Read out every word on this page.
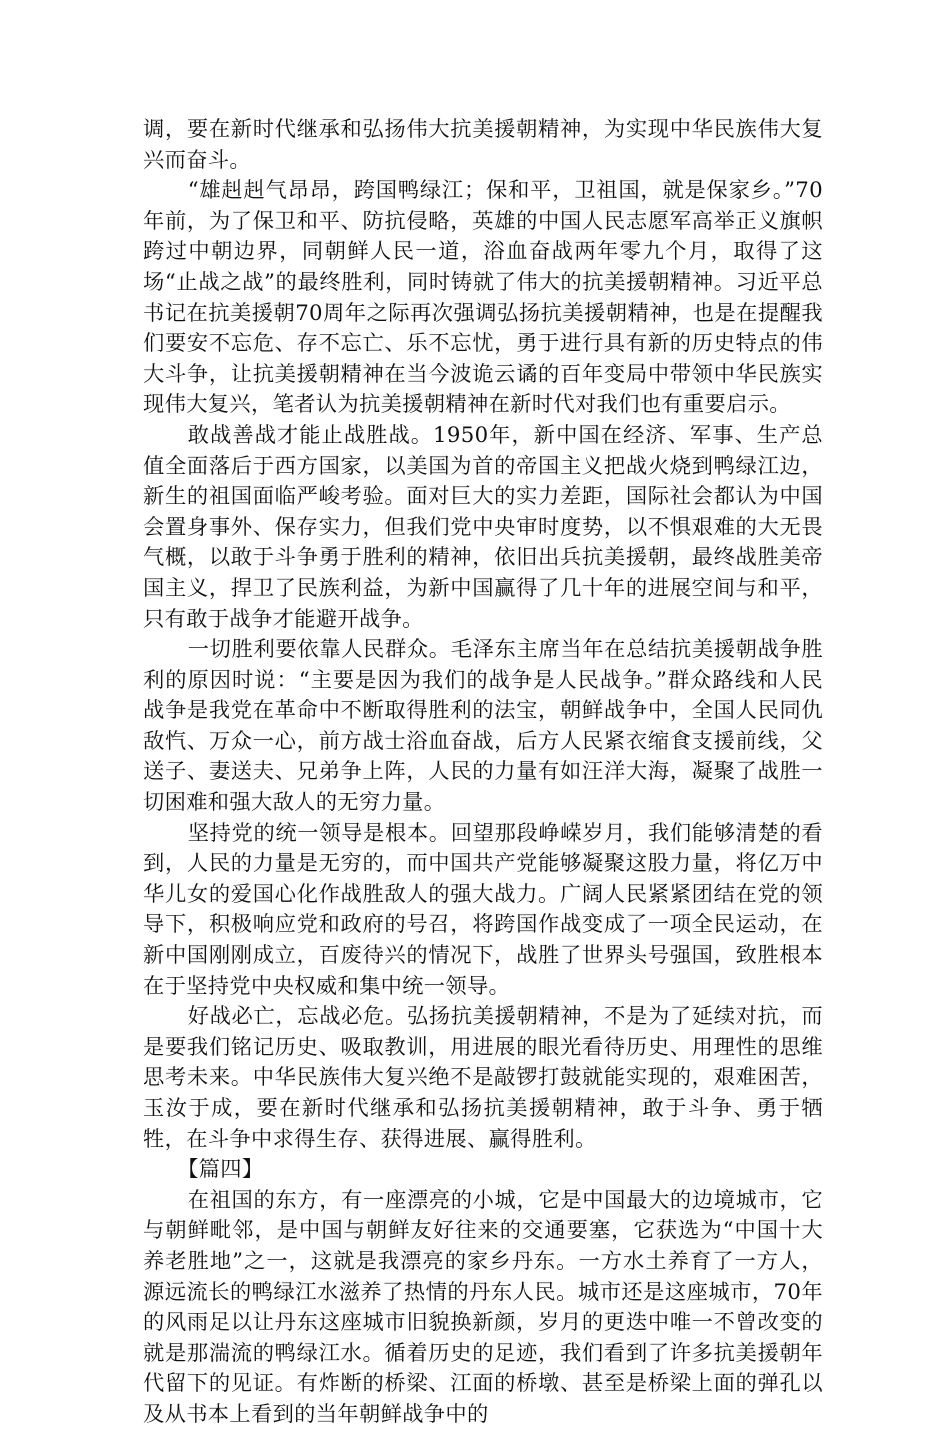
调，要在新时代继承和弘扬伟大抗美援朝精神，为实现中华民族伟大复兴而奋斗。

“雄赳赳气昂昂，跨国鸭绿江；保和平，卫祖国，就是保家乡。”70年前，为了保卫和平、防抗侵略，英雄的中国人民志愿军高举正义旗帜跨过中朝边界，同朝鲜人民一道，浴血奋战两年零九个月，取得了这场“止战之战”的最终胜利，同时铸就了伟大的抗美援朝精神。习近平总书记在抗美援朝70周年之际再次强调弘扬抗美援朝精神，也是在提醒我们要安不忘危、存不忘亡、乐不忘忧，勇于进行具有新的历史特点的伟大斗争，让抗美援朝精神在当今波诡云谲的百年变局中带领中华民族实现伟大复兴，笔者认为抗美援朝精神在新时代对我们也有重要启示。

敢战善战才能止战胜战。1950年，新中国在经济、军事、生产总值全面落后于西方国家，以美国为首的帝国主义把战火烧到鸭绿江边，新生的祖国面临严峻考验。面对巨大的实力差距，国际社会都认为中国会置身事外、保存实力，但我们党中央审时度势，以不惧艰难的大无畏气概，以敢于斗争勇于胜利的精神，依旧出兵抗美援朝，最终战胜美帝国主义，捍卫了民族利益，为新中国赢得了几十年的进展空间与和平，只有敢于战争才能避开战争。

一切胜利要依靠人民群众。毛泽东主席当年在总结抗美援朝战争胜利的原因时说：“主要是因为我们的战争是人民战争。”群众路线和人民战争是我党在革命中不断取得胜利的法宝，朝鲜战争中，全国人民同仇敌忾、万众一心，前方战士浴血奋战，后方人民紧衣缩食支援前线，父送子、妻送夫、兄弟争上阵，人民的力量有如汪洋大海，凝聚了战胜一切困难和强大敌人的无穷力量。

坚持党的统一领导是根本。回望那段峥嵘岁月，我们能够清楚的看到，人民的力量是无穷的，而中国共产党能够凝聚这股力量，将亿万中华儿女的爱国心化作战胜敌人的强大战力。广阔人民紧紧团结在党的领导下，积极响应党和政府的号召，将跨国作战变成了一项全民运动，在新中国刚刚成立，百废待兴的情况下，战胜了世界头号强国，致胜根本在于坚持党中央权威和集中统一领导。

好战必亡，忘战必危。弘扬抗美援朝精神，不是为了延续对抗，而是要我们铭记历史、吸取教训，用进展的眼光看待历史、用理性的思维思考未来。中华民族伟大复兴绝不是敲锣打鼓就能实现的，艰难困苦，玉汝于成，要在新时代继承和弘扬抗美援朝精神，敢于斗争、勇于牺牲，在斗争中求得生存、获得进展、赢得胜利。

【篇四】

在祖国的东方，有一座漂亮的小城，它是中国最大的边境城市，它与朝鲜毗邻，是中国与朝鲜友好往来的交通要塞，它获选为“中国十大养老胜地”之一，这就是我漂亮的家乡丹东。一方水土养育了一方人，源远流长的鸭绿江水滋养了热情的丹东人民。城市还是这座城市，70年的风雨足以让丹东这座城市旧貌换新颜，岁月的更迭中唯一不曾改变的就是那湍流的鸭绿江水。循着历史的足迹，我们看到了许多抗美援朝年代留下的见证。有炸断的桥梁、江面的桥墩、甚至是桥梁上面的弹孔以及从书本上看到的当年朝鲜战争中的
